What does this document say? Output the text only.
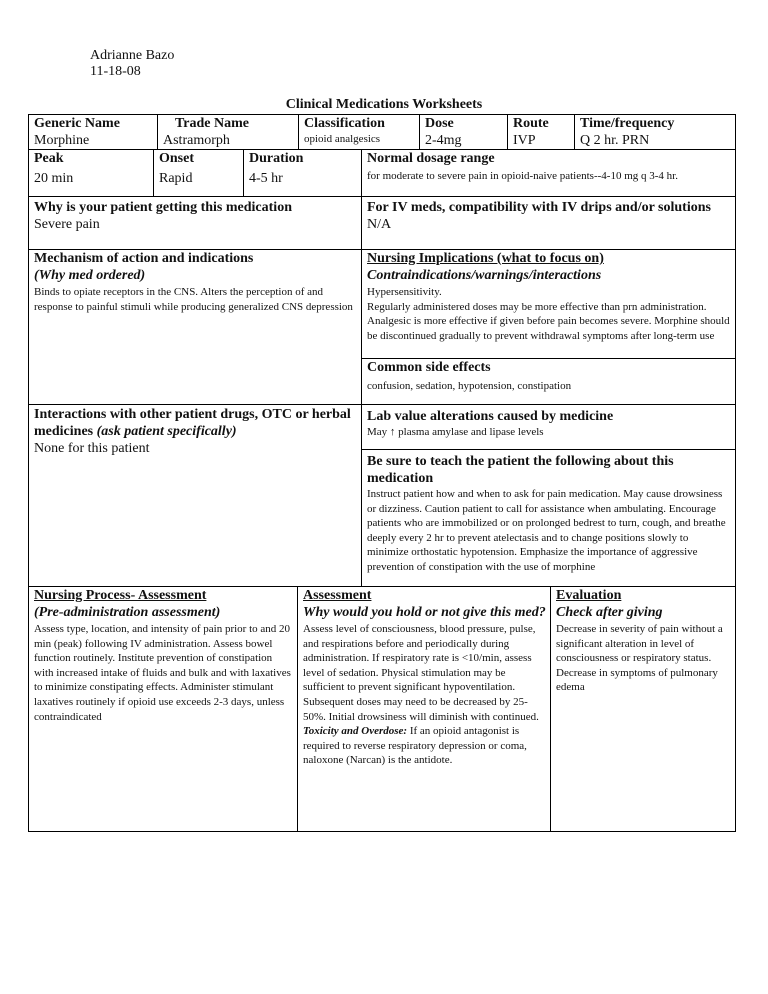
Adrianne Bazo
11-18-08
Clinical Medications Worksheets
Generic Name
Morphine
Trade Name
Astramorph
Classification
opioid analgesics
Dose
2-4mg
Route
IVP
Time/frequency
Q 2 hr. PRN
Peak
20 min
Onset
Rapid
Duration
4-5 hr
Normal dosage range
for moderate to severe pain in opioid-naive patients--4-10 mg q 3-4 hr.
Why is your patient getting this medication
Severe pain
For IV meds, compatibility with IV drips and/or solutions
N/A
Mechanism of action and indications
(Why med ordered)
Binds to opiate receptors in the CNS. Alters the perception of and response to painful stimuli while producing generalized CNS depression
Nursing Implications (what to focus on)
Contraindications/warnings/interactions
Hypersensitivity.
Regularly administered doses may be more effective than prn administration. Analgesic is more effective if given before pain becomes severe. Morphine should be discontinued gradually to prevent withdrawal symptoms after long-term use
Common side effects
confusion, sedation, hypotension, constipation
Interactions with other patient drugs, OTC or herbal medicines (ask patient specifically)
None for this patient
Lab value alterations caused by medicine
May ↑ plasma amylase and lipase levels
Be sure to teach the patient the following about this medication
Instruct patient how and when to ask for pain medication. May cause drowsiness or dizziness. Caution patient to call for assistance when ambulating. Encourage patients who are immobilized or on prolonged bedrest to turn, cough, and breathe deeply every 2 hr to prevent atelectasis and to change positions slowly to minimize orthostatic hypotension. Emphasize the importance of aggressive prevention of constipation with the use of morphine
Nursing Process- Assessment
(Pre-administration assessment)
Assess type, location, and intensity of pain prior to and 20 min (peak) following IV administration. Assess bowel function routinely. Institute prevention of constipation with increased intake of fluids and bulk and with laxatives to minimize constipating effects. Administer stimulant laxatives routinely if opioid use exceeds 2-3 days, unless contraindicated
Assessment
Why would you hold or not give this med?
Assess level of consciousness, blood pressure, pulse, and respirations before and periodically during administration. If respiratory rate is <10/min, assess level of sedation. Physical stimulation may be sufficient to prevent significant hypoventilation. Subsequent doses may need to be decreased by 25-50%. Initial drowsiness will diminish with continued.
Toxicity and Overdose: If an opioid antagonist is required to reverse respiratory depression or coma, naloxone (Narcan) is the antidote.
Evaluation
Check after giving
Decrease in severity of pain without a significant alteration in level of consciousness or respiratory status. Decrease in symptoms of pulmonary edema
